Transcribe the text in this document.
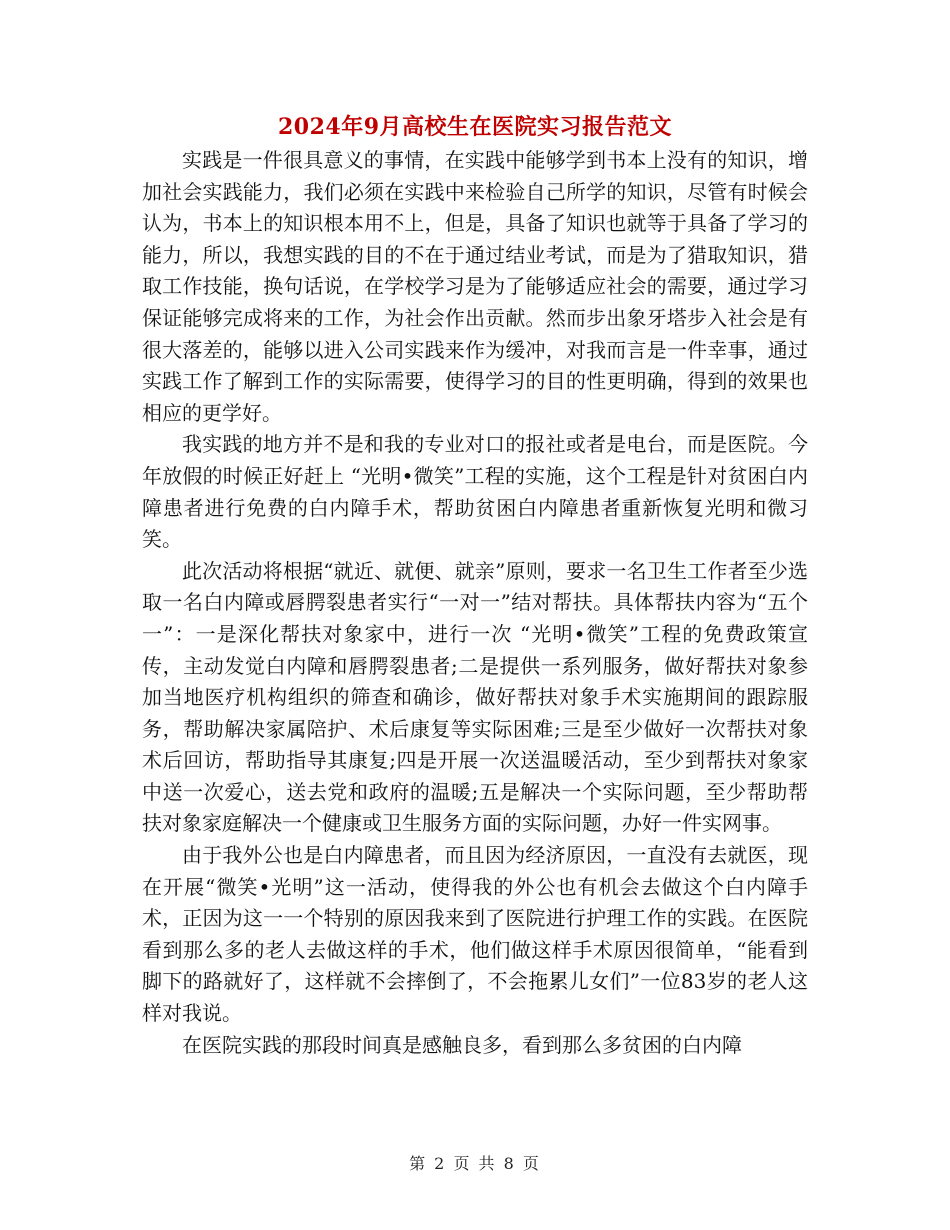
2024年9月高校生在医院实习报告范文

实践是一件很具意义的事情，在实践中能够学到书本上没有的知识，增加社会实践能力，我们必须在实践中来检验自己所学的知识，尽管有时候会认为，书本上的知识根本用不上，但是，具备了知识也就等于具备了学习的能力，所以，我想实践的目的不在于通过结业考试，而是为了猎取知识，猎取工作技能，换句话说，在学校学习是为了能够适应社会的需要，通过学习保证能够完成将来的工作，为社会作出贡献。然而步出象牙塔步入社会是有很大落差的，能够以进入公司实践来作为缓冲，对我而言是一件幸事，通过实践工作了解到工作的实际需要，使得学习的目的性更明确，得到的效果也相应的更学好。

我实践的地方并不是和我的专业对口的报社或者是电台，而是医院。今年放假的时候正好赶上 “光明•微笑”工程的实施，这个工程是针对贫困白内障患者进行免费的白内障手术，帮助贫困白内障患者重新恢复光明和微习笑。

此次活动将根据“就近、就便、就亲”原则，要求一名卫生工作者至少选取一名白内障或唇腭裂患者实行“一对一”结对帮扶。具体帮扶内容为“五个一”：一是深化帮扶对象家中，进行一次 “光明•微笑”工程的免费政策宣传，主动发觉白内障和唇腭裂患者;二是提供一系列服务，做好帮扶对象参加当地医疗机构组织的筛查和确诊，做好帮扶对象手术实施期间的跟踪服务，帮助解决家属陪护、术后康复等实际困难;三是至少做好一次帮扶对象术后回访，帮助指导其康复;四是开展一次送温暖活动，至少到帮扶对象家中送一次爱心，送去党和政府的温暖;五是解决一个实际问题，至少帮助帮扶对象家庭解决一个健康或卫生服务方面的实际问题，办好一件实网事。

由于我外公也是白内障患者，而且因为经济原因，一直没有去就医，现在开展“微笑•光明”这一活动，使得我的外公也有机会去做这个白内障手术，正因为这一一个特别的原因我来到了医院进行护理工作的实践。在医院看到那么多的老人去做这样的手术，他们做这样手术原因很简单，“能看到脚下的路就好了，这样就不会摔倒了，不会拖累儿女们”一位83岁的老人这样对我说。

在医院实践的那段时间真是感触良多，看到那么多贫困的白内障

第 2 页 共 8 页
